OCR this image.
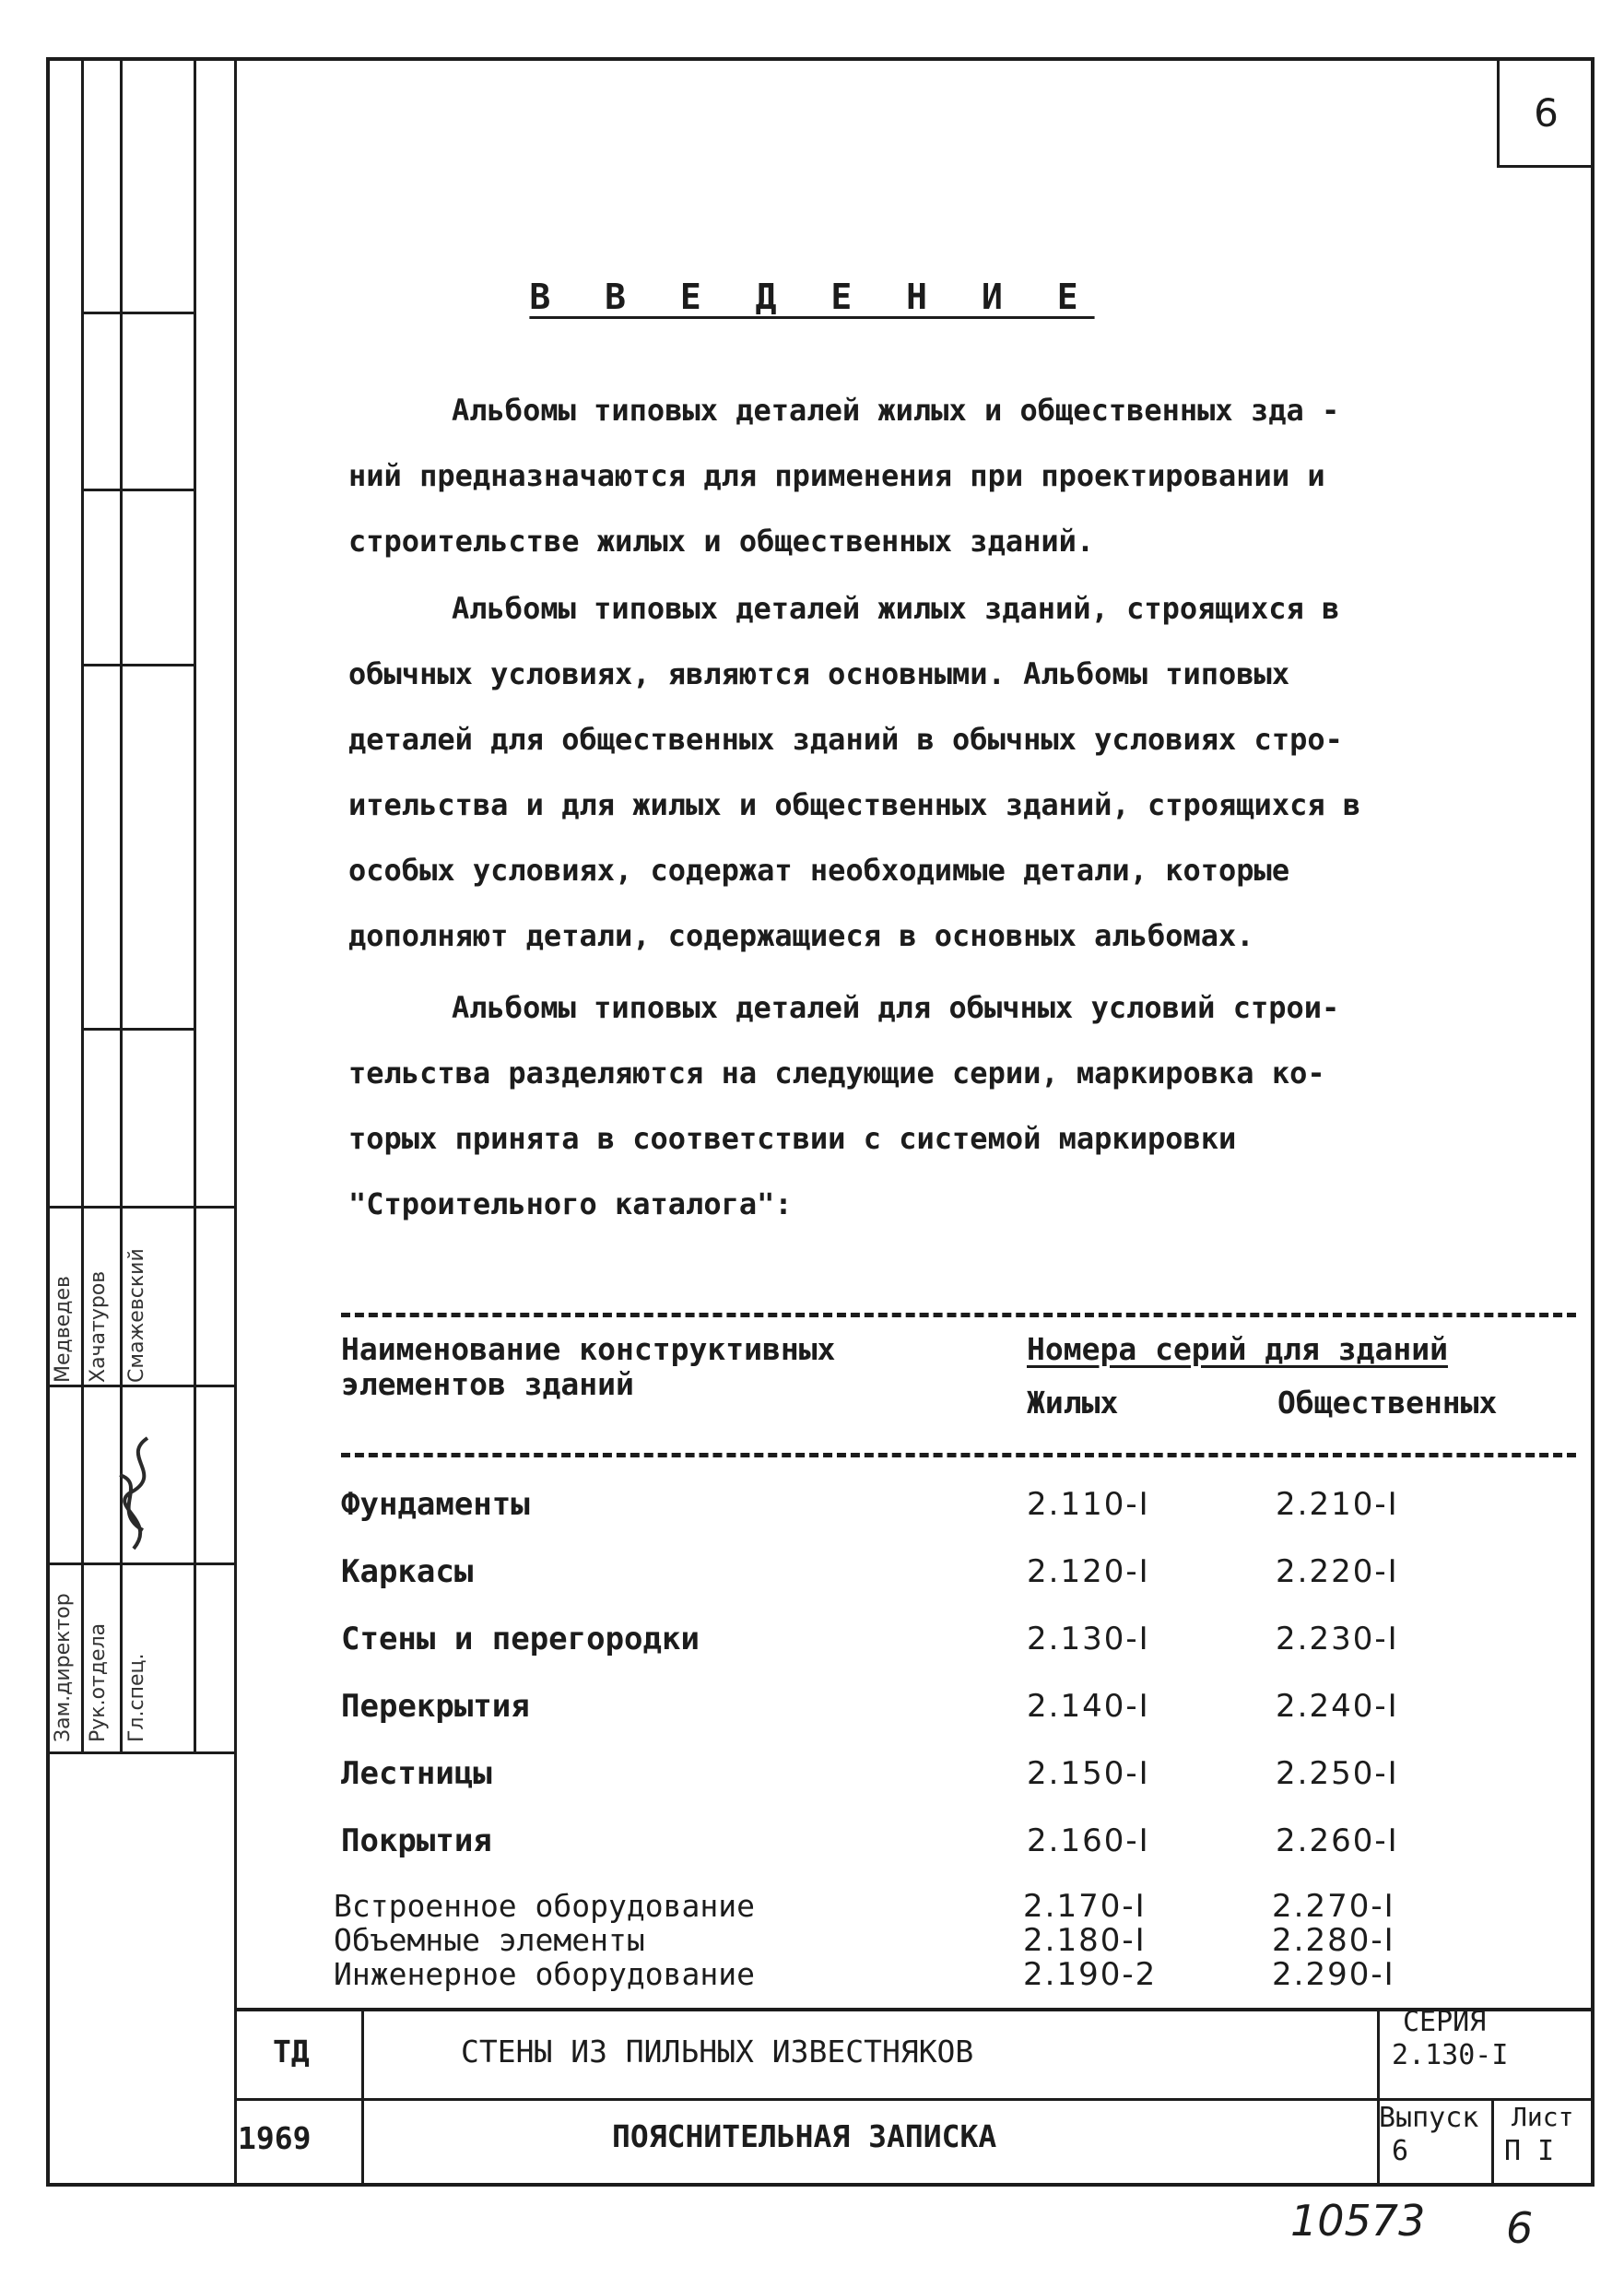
Медведев Хачатуров Смажевский
Зам.директор Рук.отдела Гл.спец.
6
В В Е Д Е Н И Е
Альбомы типовых деталей жилых и общественных зда -
ний предназначаются для применения при проектировании и
строительстве жилых и общественных зданий.
Альбомы типовых деталей жилых зданий, строящихся в
обычных условиях, являются основными. Альбомы типовых
деталей для общественных зданий в обычных условиях стро-
ительства и для жилых и общественных зданий, строящихся в
особых условиях, содержат необходимые детали, которые
дополняют детали, содержащиеся в основных альбомах.
Альбомы типовых деталей для обычных условий строи-
тельства разделяются на следующие серии, маркировка ко-
торых принята в соответствии с системой маркировки
"Строительного каталога":
Наименование конструктивных
элементов зданий
Номера серий для зданий
Жилых	Общественных
Фундаменты	2.110-I	2.210-I
Каркасы	2.120-I	2.220-I
Стены и перегородки	2.130-I	2.230-I
Перекрытия	2.140-I	2.240-I
Лестницы	2.150-I	2.250-I
Покрытия	2.160-I	2.260-I
Встроенное оборудование	2.170-I	2.270-I
Объемные элементы	2.180-I	2.280-I
Инженерное оборудование	2.190-2	2.290-I
ТД
1969
СТЕНЫ ИЗ ПИЛЬНЫХ ИЗВЕСТНЯКОВ
ПОЯСНИТЕЛЬНАЯ ЗАПИСКА
СЕРИЯ
2.130-I
Выпуск
6
Лист
П I
10573 6
